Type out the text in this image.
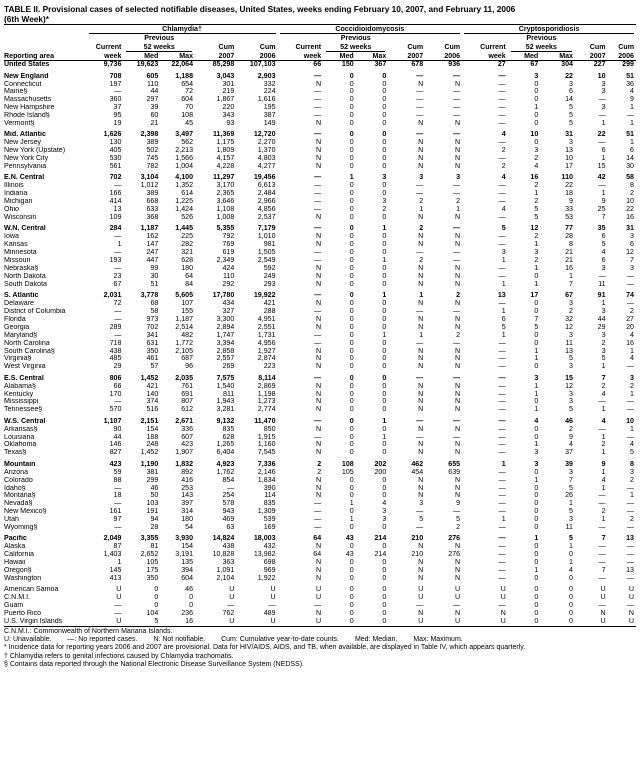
TABLE II. Provisional cases of selected notifiable diseases, United States, weeks ending February 10, 2007, and February 11, 2006
(6th Week)*

	Chlamydia†					Coccidioidomycosis					Cryptosporidiosis				

		Previous					Previous					Previous			
	Current	52 weeks		Cum	Cum	Current	52 weeks		Cum	Cum	Current	52 weeks		Cum	Cum
Reporting area	week	Med	Max	2007	2006	week	Med	Max	2007	2006	week	Med	Max	2007	2006
United States	9,736	19,623	22,064	85,298	107,103	66	150	367	678	936	27	67	304	227	299

New England	708	605	1,188	3,043	2,903	—	0	0	—	—	—	3	22	10	51
Connecticut	197	110	654	301	332	N	0	0	N	N	—	0	3	3	36
Maine§	—	44	72	219	224	—	0	0	—	—	—	0	6	3	4
Massachusetts	360	297	604	1,867	1,616	—	0	0	—	—	—	0	14	—	9
New Hampshire	37	39	70	220	195	—	0	0	—	—	—	1	5	3	1
Rhode Island§	95	60	108	343	387	—	0	0	—	—	—	0	5	—	—
Vermont§	19	21	45	93	149	N	0	0	N	N	—	0	5	1	1

Mid. Atlantic	1,626	2,398	3,497	11,369	12,720	—	0	0	—	—	4	10	31	22	51
New Jersey	130	389	562	1,175	2,270	N	0	0	N	N	—	0	3	—	1
New York (Upstate)	405	502	2,213	1,809	1,370	N	0	0	N	N	2	3	13	6	6
New York City	530	745	1,566	4,157	4,803	N	0	0	N	N	—	2	10	1	14
Pennsylvania	561	782	1,004	4,228	4,277	N	0	0	N	N	2	4	17	15	30

E.N. Central	702	3,104	4,100	11,297	19,456	—	1	3	3	3	4	16	110	42	58
Illinois	—	1,012	1,352	3,170	6,613	—	0	0	—	—	—	2	22	—	8
Indiana	166	389	614	2,365	2,484	—	0	0	—	—	—	1	18	1	2
Michigan	414	668	1,225	3,646	2,966	—	0	3	2	2	—	2	9	9	10
Ohio	13	633	1,424	1,108	4,856	—	0	2	1	1	4	5	33	25	22
Wisconsin	109	368	526	1,008	2,537	N	0	0	N	N	—	5	53	7	16

W.N. Central	284	1,187	1,445	5,355	7,179	—	0	1	2	—	5	12	77	35	31
Iowa	—	162	225	792	1,010	N	0	0	N	N	—	2	28	6	3
Kansas	1	147	282	769	981	N	0	0	N	N	—	1	8	5	6
Minnesota	—	247	321	619	1,505	—	0	0	—	—	3	3	21	4	12
Missouri	193	447	628	2,349	2,549	—	0	1	2	—	1	2	21	6	7
Nebraska§	—	99	180	424	592	N	0	0	N	N	—	1	16	3	3
North Dakota	23	30	64	110	249	N	0	0	N	N	—	0	1	—	—
South Dakota	67	51	84	292	293	N	0	0	N	N	1	1	7	11	—

S. Atlantic	2,031	3,778	5,605	17,780	19,922	—	0	1	1	2	13	17	67	91	74
Delaware	72	68	107	434	421	N	0	0	N	N	—	0	3	1	—
District of Columbia	—	58	155	327	288	—	0	0	—	—	1	0	2	3	2
Florida	—	973	1,187	3,300	4,951	N	0	0	N	N	6	7	32	44	27
Georgia	289	702	2,514	2,894	2,551	N	0	0	N	N	5	5	12	29	20
Maryland§	—	341	482	1,747	1,731	—	0	1	1	2	1	0	3	3	4
North Carolina	718	631	1,772	3,394	4,956	—	0	0	—	—	—	0	11	2	16
South Carolina§	438	350	2,105	2,858	1,927	N	0	0	N	N	—	1	13	3	1
Virginia§	485	461	687	2,557	2,874	N	0	0	N	N	—	1	5	5	4
West Virginia	29	57	96	269	223	N	0	0	N	N	—	0	3	1	—

E.S. Central	806	1,452	2,035	7,575	8,114	—	0	0	—	—	—	3	15	7	3
Alabama§	66	421	761	1,540	2,869	N	0	0	N	N	—	1	12	2	2
Kentucky	170	140	691	811	1,198	N	0	0	N	N	—	1	3	4	1
Mississippi	—	374	807	1,943	1,273	N	0	0	N	N	—	0	3	—	—
Tennessee§	570	516	612	3,281	2,774	N	0	0	N	N	—	1	5	1	—

W.S. Central	1,107	2,151	2,671	9,132	11,470	—	0	1	—	—	—	4	46	4	10
Arkansas§	90	154	336	835	850	N	0	0	N	N	—	0	2	—	1
Louisiana	44	188	607	628	1,915	—	0	1	—	—	—	0	9	1	—
Oklahoma	146	248	423	1,265	1,160	N	0	0	N	N	—	1	4	2	4
Texas§	827	1,452	1,907	6,404	7,545	N	0	0	N	N	—	3	37	1	5

Mountain	423	1,190	1,832	4,923	7,336	2	108	202	462	655	1	3	39	9	8
Arizona	59	381	892	1,762	2,146	2	105	200	454	639	—	0	3	1	3
Colorado	88	299	416	854	1,834	N	0	0	N	N	—	1	7	4	2
Idaho§	—	46	253	—	390	N	0	0	N	N	—	0	5	1	—
Montana§	18	50	143	254	114	N	0	0	N	N	—	0	26	—	1
Nevada§	—	103	397	578	835	—	1	4	3	9	—	0	1	—	—
New Mexico§	161	191	314	943	1,309	—	0	3	—	—	—	0	5	2	—
Utah	97	94	180	469	539	—	1	3	5	5	1	0	3	1	2
Wyoming§	—	28	54	63	169	—	0	0	—	2	—	0	11	—	—

Pacific	2,049	3,355	3,930	14,824	18,003	64	43	214	210	276	—	1	5	7	13
Alaska	87	81	154	438	432	N	0	0	N	N	—	0	1	—	—
California	1,403	2,652	3,191	10,828	13,982	64	43	214	210	276	—	0	0	—	—
Hawaii	1	105	135	363	698	N	0	0	N	N	—	0	1	—	—
Oregon§	145	175	394	1,091	969	N	0	0	N	N	—	1	4	7	13
Washington	413	350	604	2,104	1,922	N	0	0	N	N	—	0	0	—	—

American Samoa	U	0	46	U	U	U	0	0	U	U	U	0	0	U	U
C.N.M.I.	U	0	0	U	U	U	0	0	U	U	U	0	0	U	U
Guam	—	0	0	—	—	—	0	0	—	—	—	0	0	—	—
Puerto Rico	—	104	236	762	489	N	0	0	N	N	N	0	0	N	N
U.S. Virgin Islands	U	5	16	U	U	U	0	0	U	U	U	0	0	U	U
C.N.M.I.: Commonwealth of Northern Mariana Islands.
U: Unavailable. —: No reported cases. N: Not notifiable. Cum: Cumulative year-to-date counts. Med: Median. Max: Maximum.
* Incidence data for reporting years 2006 and 2007 are provisional. Data for HIV/AIDS, AIDS, and TB, when available, are displayed in Table IV, which appears quarterly.
† Chlamydia refers to genital infections caused by Chlamydia trachomatis.
§ Contains data reported through the National Electronic Disease Surveillance System (NEDSS).
